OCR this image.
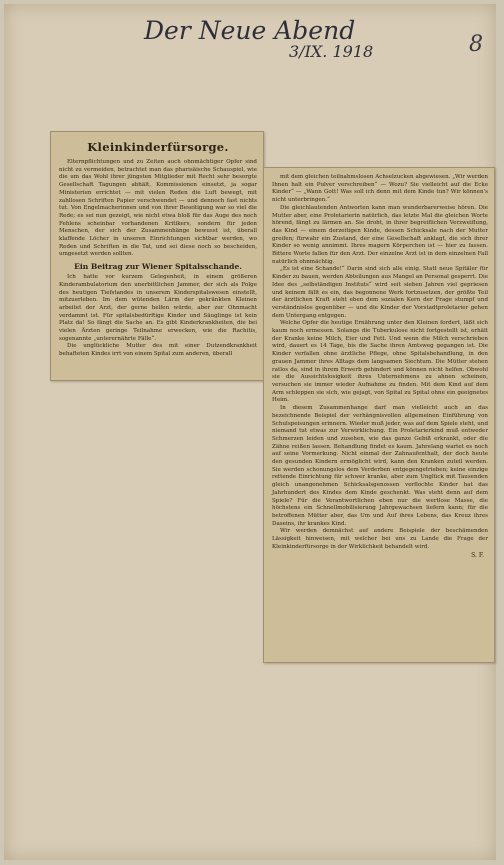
Der Neue Abend
3/IX. 1918	8
Kleinkinderfürsorge.

Elternpflichtungen und zu Zeiten auch ohnmächtiger Opfer sind nicht zu vermeiden, betrachtet man das pharisäische Schauspiel, wie die um das Wohl ihrer jüngsten Mitglieder mit Recht sehr besorgte Gesellschaft Tagungen abhält, Kommissionen einsetzt, ja sogar Ministerien errichtet — mit vielen Reden die Luft bewegt, mit zahllosen Schriften Papier verschwendet — und dennoch fast nichts tut. Von Engelmacherinnen und von ihrer Beseitigung war so viel die Rede; es sei nun gezeigt, wie nicht etwa bloß für das Auge des noch Fehlens scheinbar vorhandenen Kritikers, sondern für jeden Menschen, der sich der Zusammenhänge bewusst ist, überall klaffende Löcher in unseren Einrichtungen sichtbar werden, wo Reden und Schriften in die Tat, und sei diese noch so bescheiden, umgesetzt werden sollten.

Ein Beitrag zur Wiener Spitalsschande.

Ich hatte vor kurzem Gelegenheit, in einem größeren Kinderambulatorium den unerbittlichen Jammer, der sich als Folge des heutigen Tiefstandes in unserem Kinderspitalswesen einstellt, mitzuerleben. Im dem wütenden Lärm der gekränkten Kleinen arbeitet der Arzt, der gerne helfen würde, aber zur Ohnmacht verdammt ist. Für spitalsbedürftige Kinder und Säuglinge ist kein Platz da! So fängt die Sache an. Es gibt Kinderkrankheiten, die bei vielen Ärzten geringe Teilnahme erwecken, wie die Rachitis, sogenannte „unterernährte Fälle“.

Die unglückliche Mutter des mit einer Dutzendkrankheit behafteten Kindes irrt von einem Spital zum anderen, überall

mit dem gleichen teilnahmslosen Achselzucken abgewiesen. „Wir werden Ihnen halt ein Pulver verschreiben“ — Wozu? Sie vielleicht auf die Ecke Kinder“ — „Wann Gott! Was soll ich denn mit dem Kinde tun? Wir können's nicht unterbringen.“

Die gleichlautenden Antworten kann man wunderbarerweise hören. Die Mutter aber, eine Proletarierin natürlich, das letzte Mal die gleichen Worte hörend, fängt zu lärmen an. Sie droht, in ihrer begreiflichen Verzweiflung, das Kind — einem derzeitigen Kinde, dessen Schicksale nach der Mutter greifen; fürwahr ein Zustand, der eine Gesellschaft anklagt, die sich ihrer Kinder so wenig annimmt. Ihres magern Körperchen ist — hier zu fassen. Bittere Worte fallen für den Arzt. Der einzelne Arzt ist in dem einzelnen Fall natürlich ohnmächtig.

„Es ist eine Schande!“ Darin sind sich alle einig. Statt neue Spitäler für Kinder zu bauen, werden Abteilungen aus Mangel an Personal gesperrt. Die Idee des „selbständigen Instituts“ wird seit sieben Jahren viel gepriesen und keinem fällt es ein, das begonnene Werk fortzusetzen, der größte Teil der ärztlichen Kraft steht eben dem sozialen Kern der Frage stumpf und verständnislos gegenüber — und die Kinder der Vorstadtproletarier gehen dem Untergang entgegen.

Welche Opfer die heutige Ernährung unter den Kleinen fordert, läßt sich kaum noch ermessen. Solange die Tuberkulose nicht fortgestellt ist, erhält der Kranke keine Milch, Eier und Fett. Und wenn die Milch verschrieben wird, dauert es 14 Tage, bis die Sache ihren Amtsweg gegangen ist. Die Kinder verfallen ohne ärztliche Pflege, ohne Spitalsbehandlung, in den grauen Jammer ihres Alltags dem langsamen Siechtum. Die Mütter stehen ratlos da, sind in ihrem Erwerb gehindert und können nicht helfen. Obwohl sie die Aussichtslosigkeit ihres Unternehmens zu ahnen scheinen, versuchen sie immer wieder Aufnahme zu finden. Mit dem Kind auf dem Arm schleppen sie sich, wie gejagt, von Spital zu Spital ohne ein geeignetes Heim.

In diesem Zusammenhange darf man vielleicht auch an das bezeichnende Beispiel der verhängnisvollen allgemeinen Einführung von Schulspeisungen erinnern. Wieder muß jeder, was auf dem Spiele steht, und niemand tut etwas zur Verwirklichung. Ein Proletarierkind muß entweder Schmerzen leiden und zusehen, wie das ganze Gebiß erkrankt, oder die Zähne reißen lassen. Behandlung findet es kaum. Jahrelang wartet es noch auf seine Vormerkung. Nicht einmal der Zahnaufenthalt, der doch heute den gesunden Kindern ermöglicht wird, kann den Kranken zuteil werden. Sie werden schonungslos dem Verderben entgegengetrieben; keine einzige rettende Einrichtung für schwer kranke, aber zum Unglück mit Tausenden gleich unangenehmen Schicksalsgenossen verflochte Kinder hat das Jahrhundert des Kindes dem Kinde geschenkt. Was steht denn auf dem Spiele? Für die Verantwortlichen eben nur die wertlose Masse, die höchstens ein Schnellmobilisierung Jahrgewachsen liefern kann; für die betroffenen Mütter aber, das Um und Auf ihres Lebens, das Kreuz ihres Daseins, ihr krankes Kind.

Wir werden demnächst auf andere Beispiele der beschämenden Lässigkeit hinweisen, mit welcher bei uns zu Lande die Frage der Kleinkinderfürsorge in der Wirklichkeit behandelt wird.

S. F.
